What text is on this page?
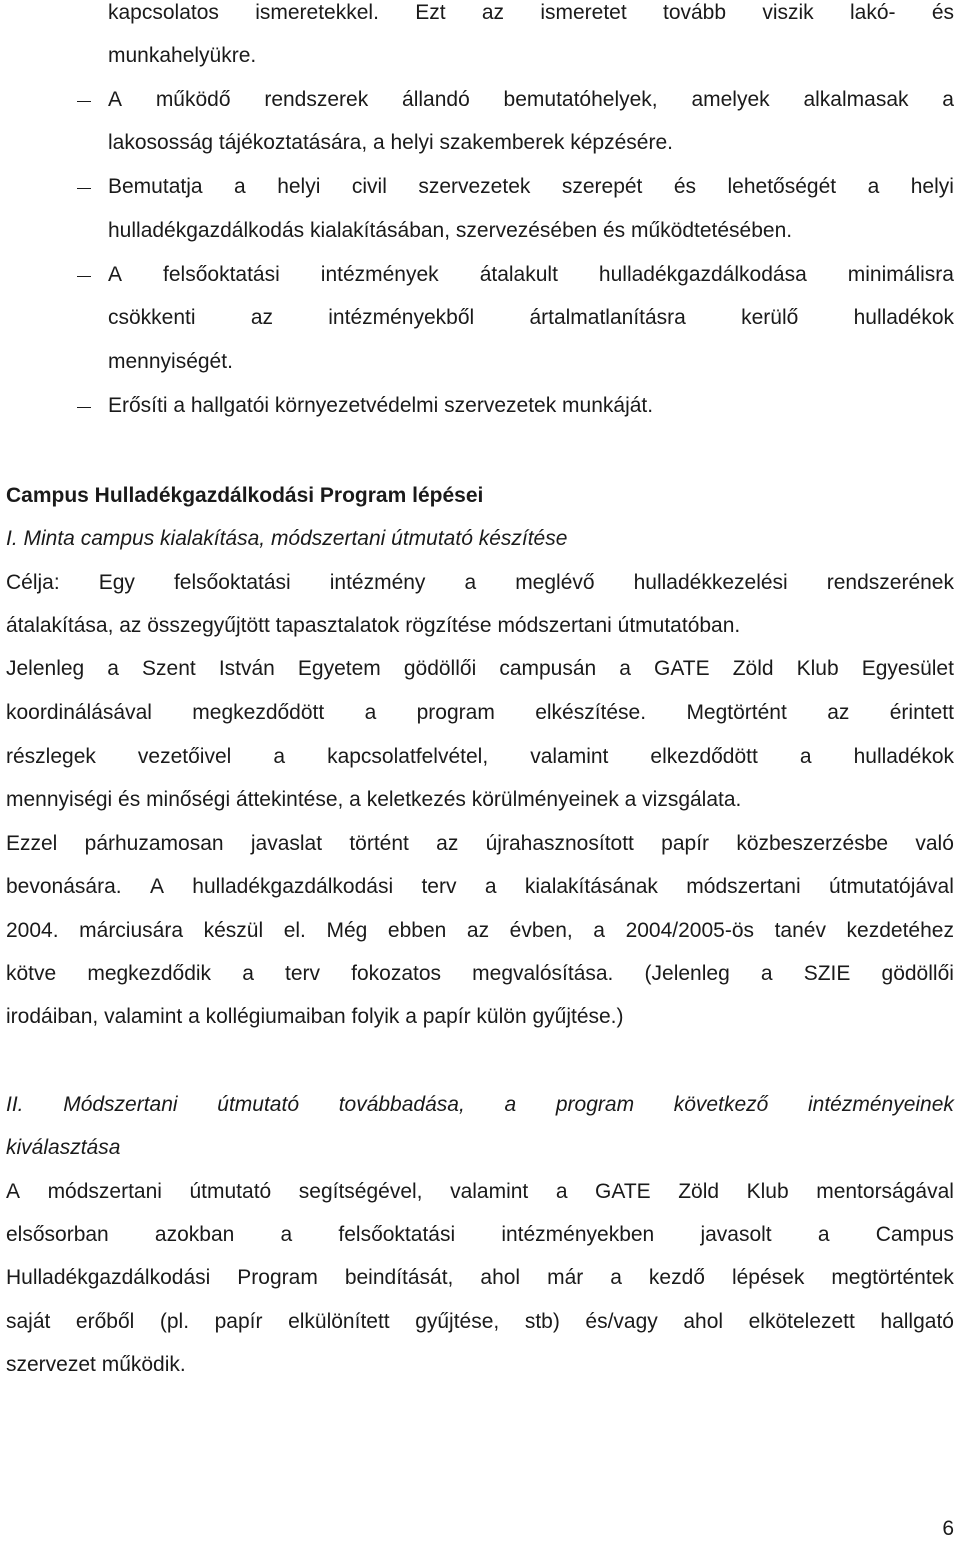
kapcsolatos ismeretekkel. Ezt az ismeretet tovább viszik lakó- és
munkahelyükre.
A működő rendszerek állandó bemutatóhelyek, amelyek alkalmasak a
lakososság tájékoztatására, a helyi szakemberek képzésére.
Bemutatja a helyi civil szervezetek szerepét és lehetőségét a helyi
hulladékgazdálkodás kialakításában, szervezésében és működtetésében.
A felsőoktatási intézmények átalakult hulladékgazdálkodása minimálisra
csökkenti	az	intézményekből	ártalmatlanításra	kerülő	hulladékok
mennyiségét.
Erősíti a hallgatói környezetvédelmi szervezetek munkáját.
Campus Hulladékgazdálkodási Program lépései
I. Minta campus kialakítása, módszertani útmutató készítése
Célja: Egy felsőoktatási intézmény a meglévő hulladékkezelési rendszerének
átalakítása, az összegyűjtött tapasztalatok rögzítése módszertani útmutatóban.
Jelenleg a Szent István Egyetem gödöllői campusán a GATE Zöld Klub Egyesület
koordinálásával megkezdődött a program elkészítése. Megtörtént az érintett
részlegek vezetőivel a kapcsolatfelvétel, valamint elkezdődött a hulladékok
mennyiségi és minőségi áttekintése, a keletkezés körülményeinek a vizsgálata.
Ezzel párhuzamosan javaslat történt az újrahasznosított papír közbeszerzésbe való
bevonására. A hulladékgazdálkodási terv a kialakításának módszertani útmutatójával
2004. márciusára készül el. Még ebben az évben, a 2004/2005-ös tanév kezdetéhez
kötve megkezdődik a terv fokozatos megvalósítása. (Jelenleg a SZIE gödöllői
irodáiban, valamint a kollégiumaiban folyik a papír külön gyűjtése.)
II. Módszertani útmutató továbbadása, a program következő intézményeinek
kiválasztása
A módszertani útmutató segítségével, valamint a GATE Zöld Klub mentorságával
elsősorban azokban a felsőoktatási intézményekben javasolt a Campus
Hulladékgazdálkodási Program beindítását, ahol már a kezdő lépések megtörténtek
saját erőből (pl. papír elkülönített gyűjtése, stb) és/vagy ahol elkötelezett hallgató
szervezet működik.
6
